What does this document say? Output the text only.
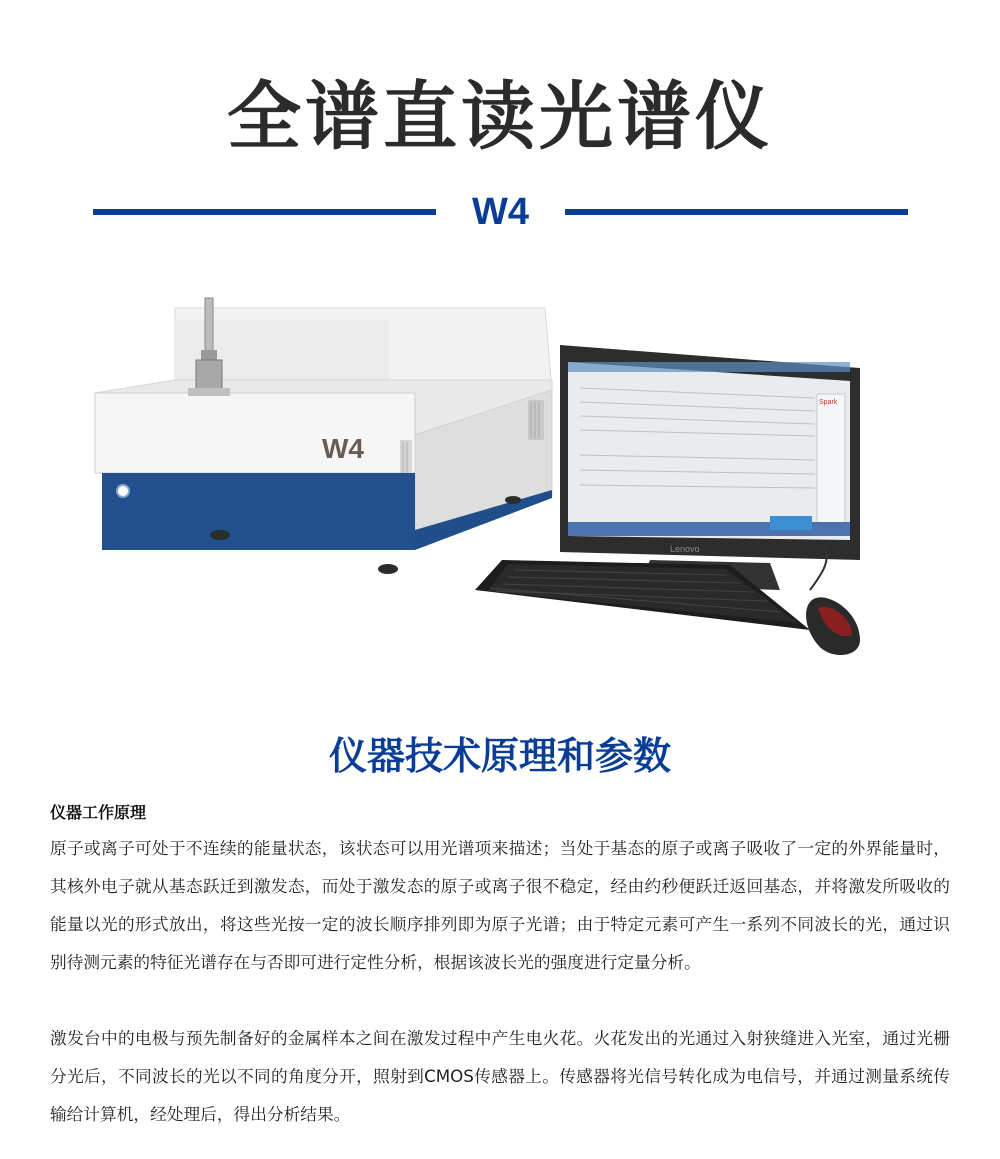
全谱直读光谱仪
W4
W4
Spark
Lenovo
仪器技术原理和参数
仪器工作原理

原子或离子可处于不连续的能量状态，该状态可以用光谱项来描述；当处于基态的原子或离子吸收了一定的外界能量时，其核外电子就从基态跃迁到激发态，而处于激发态的原子或离子很不稳定，经由约秒便跃迁返回基态，并将激发所吸收的能量以光的形式放出，将这些光按一定的波长顺序排列即为原子光谱；由于特定元素可产生一系列不同波长的光，通过识别待测元素的特征光谱存在与否即可进行定性分析，根据该波长光的强度进行定量分析。

激发台中的电极与预先制备好的金属样本之间在激发过程中产生电火花。火花发出的光通过入射狭缝进入光室，通过光栅分光后，不同波长的光以不同的角度分开，照射到CMOS传感器上。传感器将光信号转化成为电信号，并通过测量系统传输给计算机，经处理后，得出分析结果。
